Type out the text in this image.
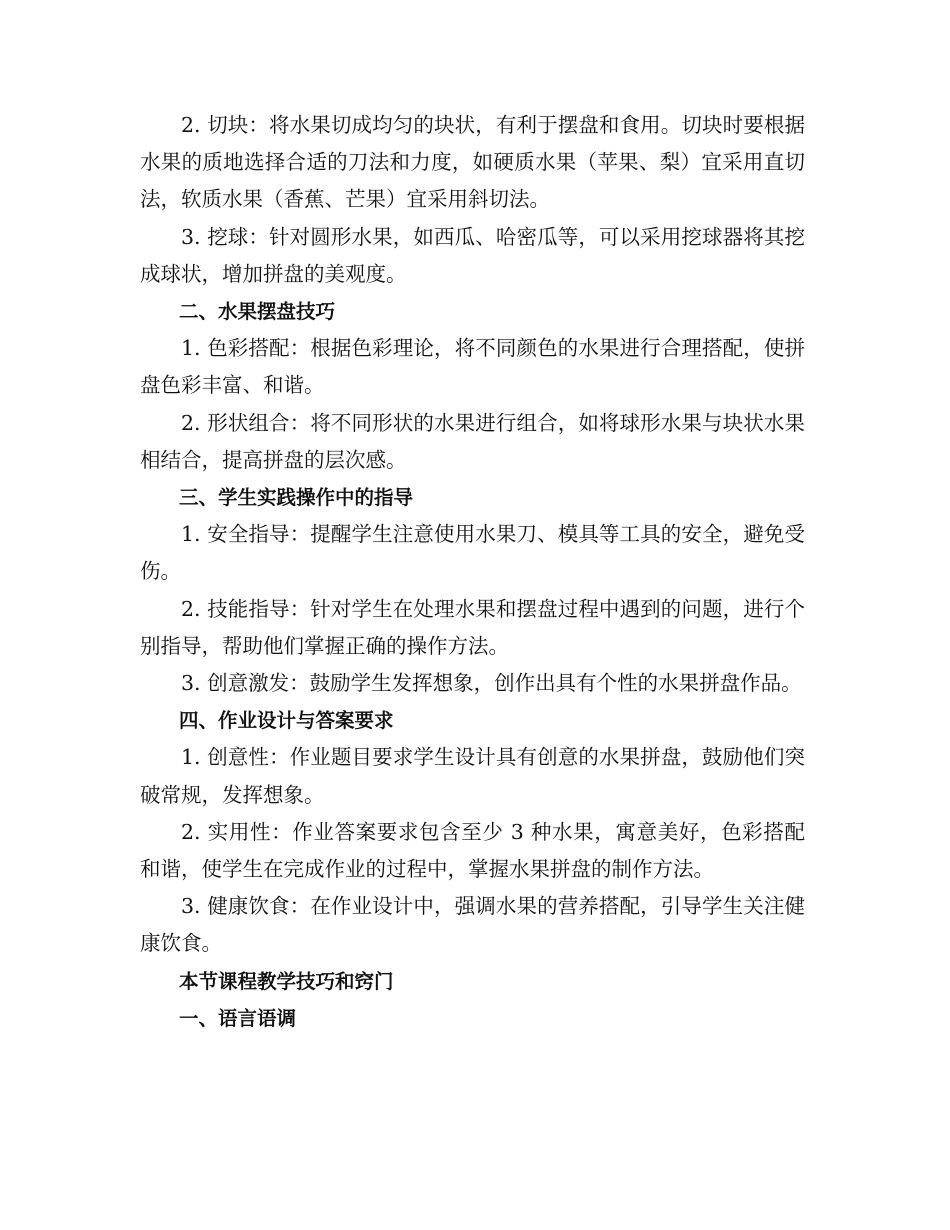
2. 切块：将水果切成均匀的块状，有利于摆盘和食用。切块时要根据水果的质地选择合适的刀法和力度，如硬质水果（苹果、梨）宜采用直切法，软质水果（香蕉、芒果）宜采用斜切法。

3. 挖球：针对圆形水果，如西瓜、哈密瓜等，可以采用挖球器将其挖成球状，增加拼盘的美观度。

二、水果摆盘技巧

1. 色彩搭配：根据色彩理论，将不同颜色的水果进行合理搭配，使拼盘色彩丰富、和谐。

2. 形状组合：将不同形状的水果进行组合，如将球形水果与块状水果相结合，提高拼盘的层次感。

三、学生实践操作中的指导

1. 安全指导：提醒学生注意使用水果刀、模具等工具的安全，避免受伤。

2. 技能指导：针对学生在处理水果和摆盘过程中遇到的问题，进行个别指导，帮助他们掌握正确的操作方法。

3. 创意激发：鼓励学生发挥想象，创作出具有个性的水果拼盘作品。

四、作业设计与答案要求

1. 创意性：作业题目要求学生设计具有创意的水果拼盘，鼓励他们突破常规，发挥想象。

2. 实用性：作业答案要求包含至少 3 种水果，寓意美好，色彩搭配和谐，使学生在完成作业的过程中，掌握水果拼盘的制作方法。

3. 健康饮食：在作业设计中，强调水果的营养搭配，引导学生关注健康饮食。

本节课程教学技巧和窍门

一、语言语调
